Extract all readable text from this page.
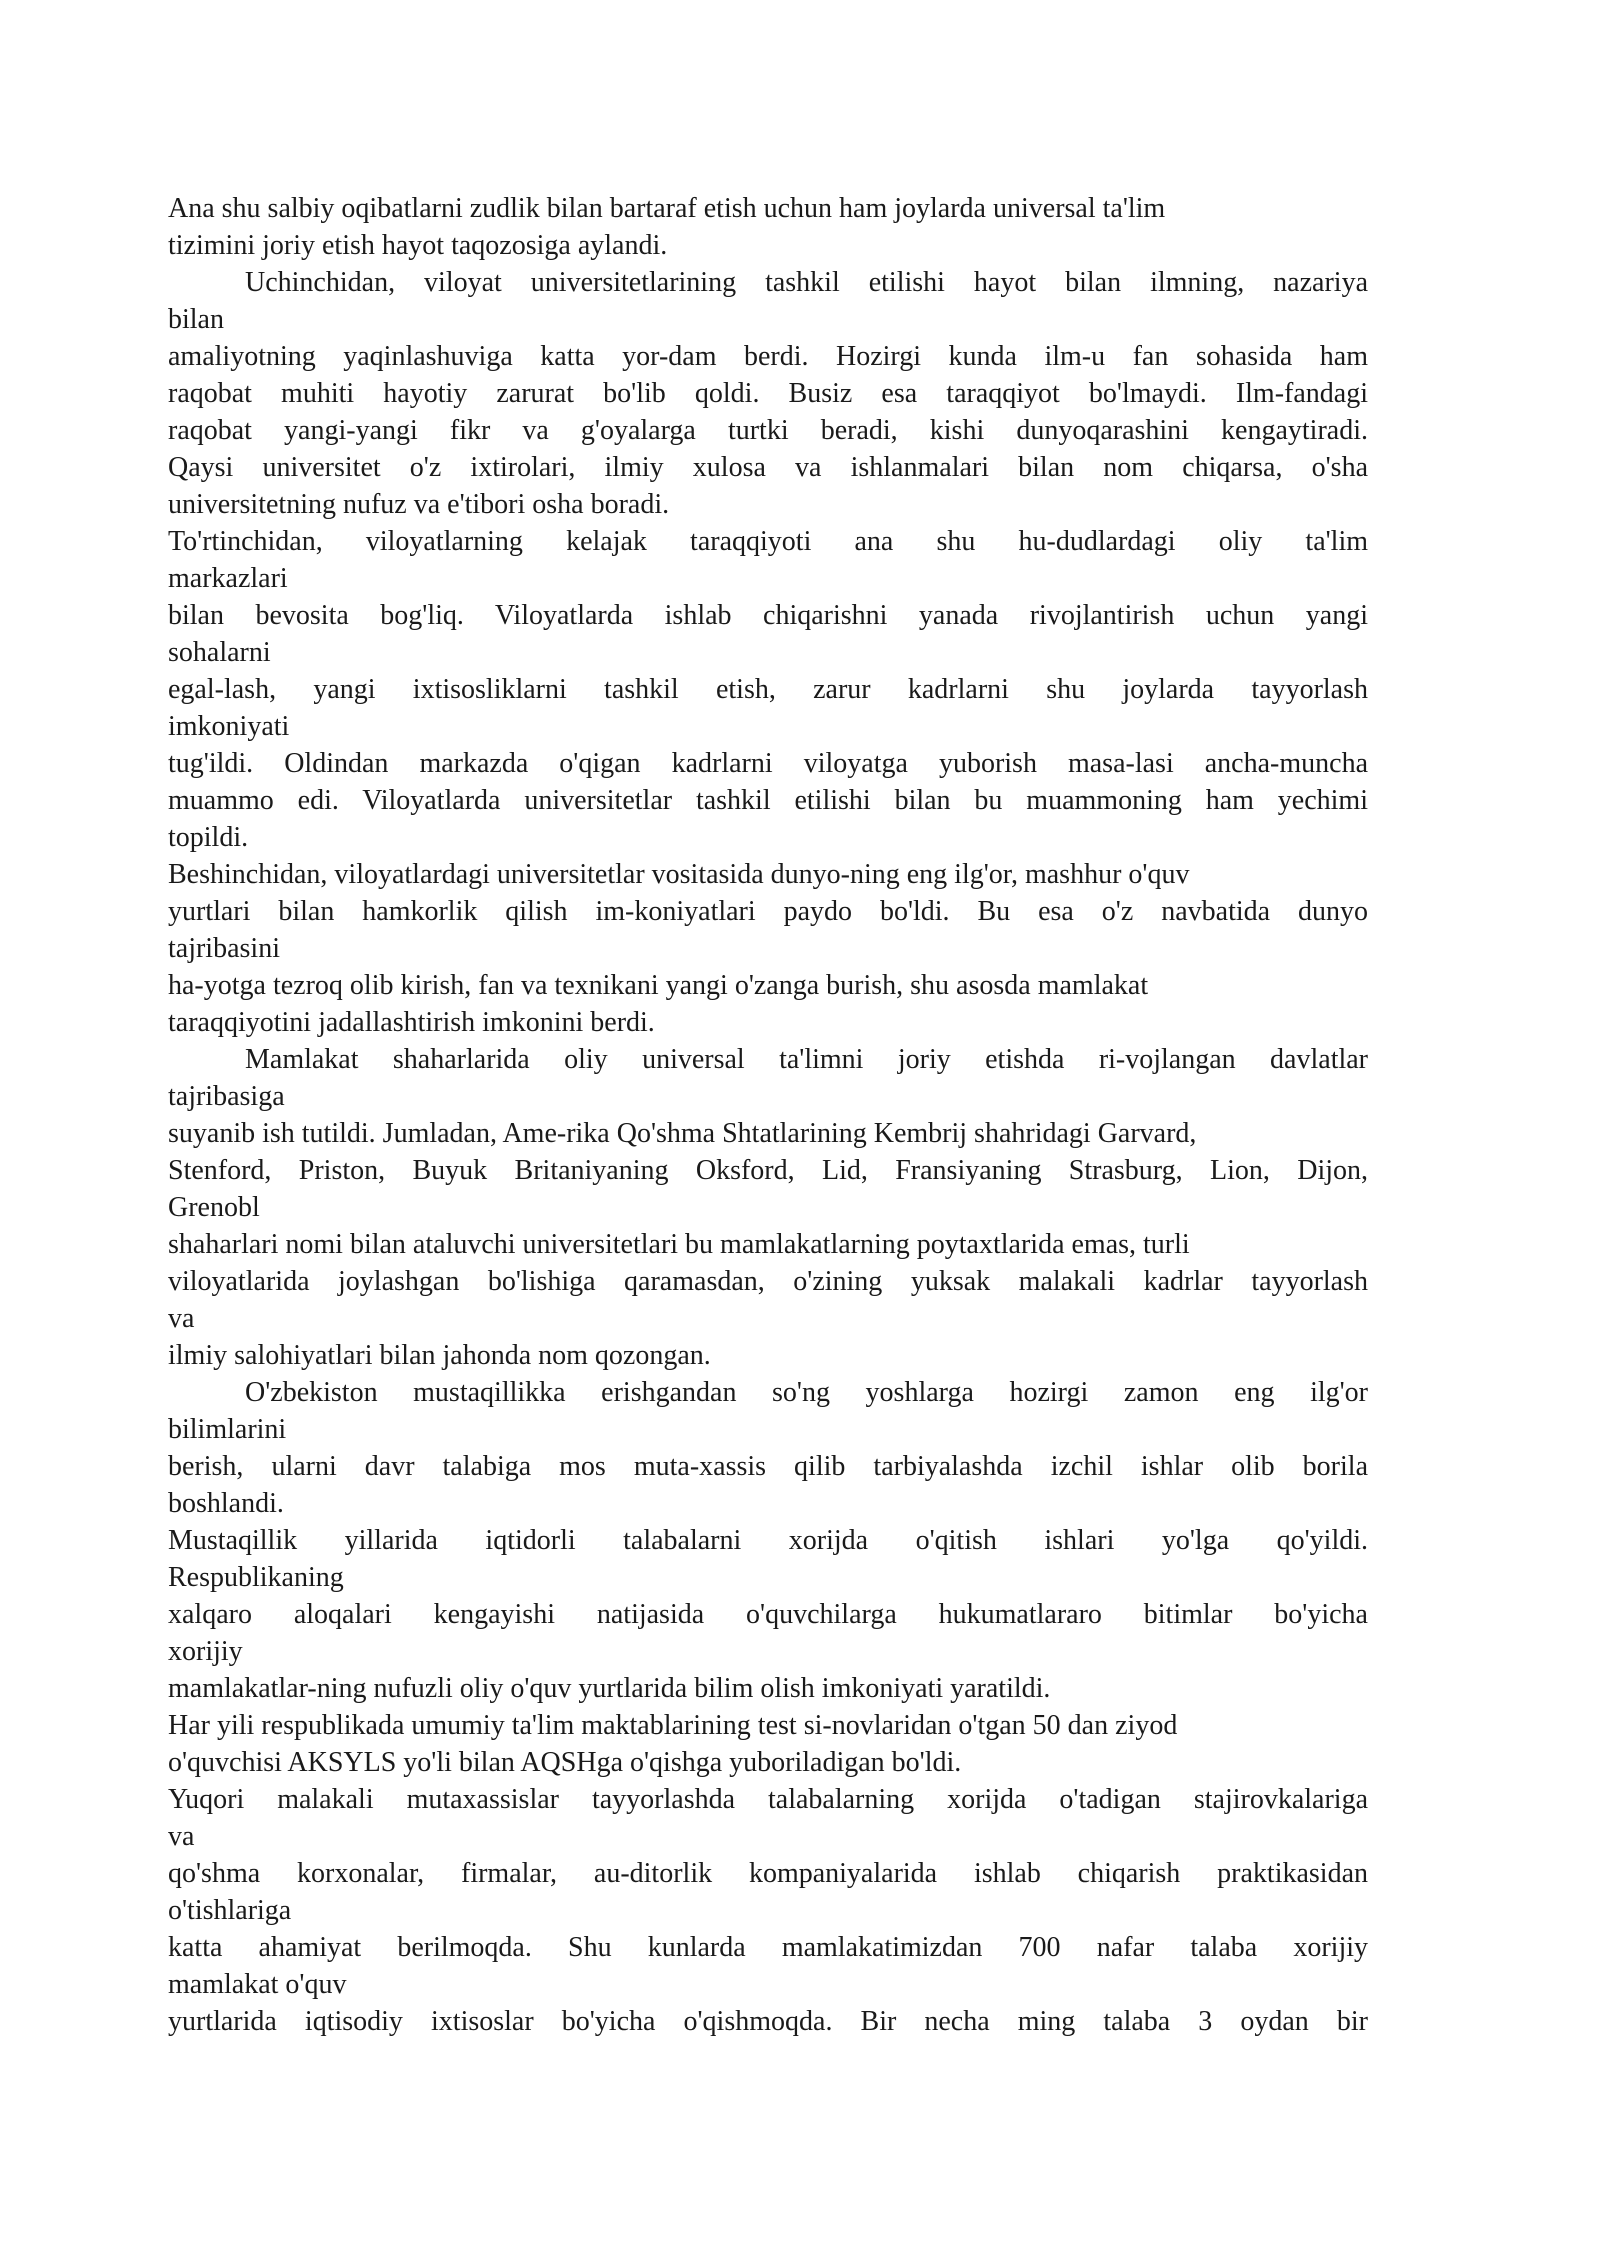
Ana shu salbiy oqibatlarni zudlik bilan bartaraf etish uchun ham joylarda universal ta'lim
tizimini joriy etish hayot taqozosiga aylandi.
Uchinchidan, viloyat universitetlarining tashkil etilishi hayot bilan ilmning, nazariya
bilan
amaliyotning yaqinlashuviga katta yor-dam berdi. Hozirgi kunda ilm-u fan sohasida ham
raqobat muhiti hayotiy zarurat bo'lib qoldi. Busiz esa taraqqiyot bo'lmaydi. Ilm-fandagi
raqobat yangi-yangi fikr va g'oyalarga turtki beradi, kishi dunyoqarashini kengaytiradi.
Qaysi universitet o'z ixtirolari, ilmiy xulosa va ishlanmalari bilan nom chiqarsa, o'sha
universitetning nufuz va e'tibori osha boradi.
To'rtinchidan, viloyatlarning kelajak taraqqiyoti ana shu hu-dudlardagi oliy ta'lim
markazlari
bilan bevosita bog'liq. Viloyatlarda ishlab chiqarishni yanada rivojlantirish uchun yangi
sohalarni
egal-lash, yangi ixtisosliklarni tashkil etish, zarur kadrlarni shu joylarda tayyorlash
imkoniyati
tug'ildi. Oldindan markazda o'qigan kadrlarni viloyatga yuborish masa-lasi ancha-muncha
muammo edi. Viloyatlarda universitetlar tashkil etilishi bilan bu muammoning ham yechimi
topildi.
Beshinchidan, viloyatlardagi universitetlar vositasida dunyo-ning eng ilg'or, mashhur o'quv
yurtlari bilan hamkorlik qilish im-koniyatlari paydo bo'ldi. Bu esa o'z navbatida dunyo
tajribasini
ha-yotga tezroq olib kirish, fan va texnikani yangi o'zanga burish, shu asosda mamlakat
taraqqiyotini jadallashtirish imkonini berdi.
Mamlakat shaharlarida oliy universal ta'limni joriy etishda ri-vojlangan davlatlar
tajribasiga
suyanib ish tutildi. Jumladan, Ame-rika Qo'shma Shtatlarining Kembrij shahridagi Garvard,
Stenford, Priston, Buyuk Britaniyaning Oksford, Lid, Fransiyaning Strasburg, Lion, Dijon,
Grenobl
shaharlari nomi bilan ataluvchi universitetlari bu mamlakatlarning poytaxtlarida emas, turli
viloyatlarida joylashgan bo'lishiga qaramasdan, o'zining yuksak malakali kadrlar tayyorlash
va
ilmiy salohiyatlari bilan jahonda nom qozongan.
O'zbekiston mustaqillikka erishgandan so'ng yoshlarga hozirgi zamon eng ilg'or
bilimlarini
berish, ularni davr talabiga mos muta-xassis qilib tarbiyalashda izchil ishlar olib borila
boshlandi.
Mustaqillik yillarida iqtidorli talabalarni xorijda o'qitish ishlari yo'lga qo'yildi.
Respublikaning
xalqaro aloqalari kengayishi natijasida o'quvchilarga hukumatlararo bitimlar bo'yicha
xorijiy
mamlakatlar-ning nufuzli oliy o'quv yurtlarida bilim olish imkoniyati yaratildi.
Har yili respublikada umumiy ta'lim maktablarining test si-novlaridan o'tgan 50 dan ziyod
o'quvchisi AKSYLS yo'li bilan AQSHga o'qishga yuboriladigan bo'ldi.
Yuqori malakali mutaxassislar tayyorlashda talabalarning xorijda o'tadigan stajirovkalariga
va
qo'shma korxonalar, firmalar, au-ditorlik kompaniyalarida ishlab chiqarish praktikasidan
o'tishlariga
katta ahamiyat berilmoqda. Shu kunlarda mamlakatimizdan 700 nafar talaba xorijiy
mamlakat o'quv
yurtlarida iqtisodiy ixtisoslar bo'yicha o'qishmoqda. Bir necha ming talaba 3 oydan bir
